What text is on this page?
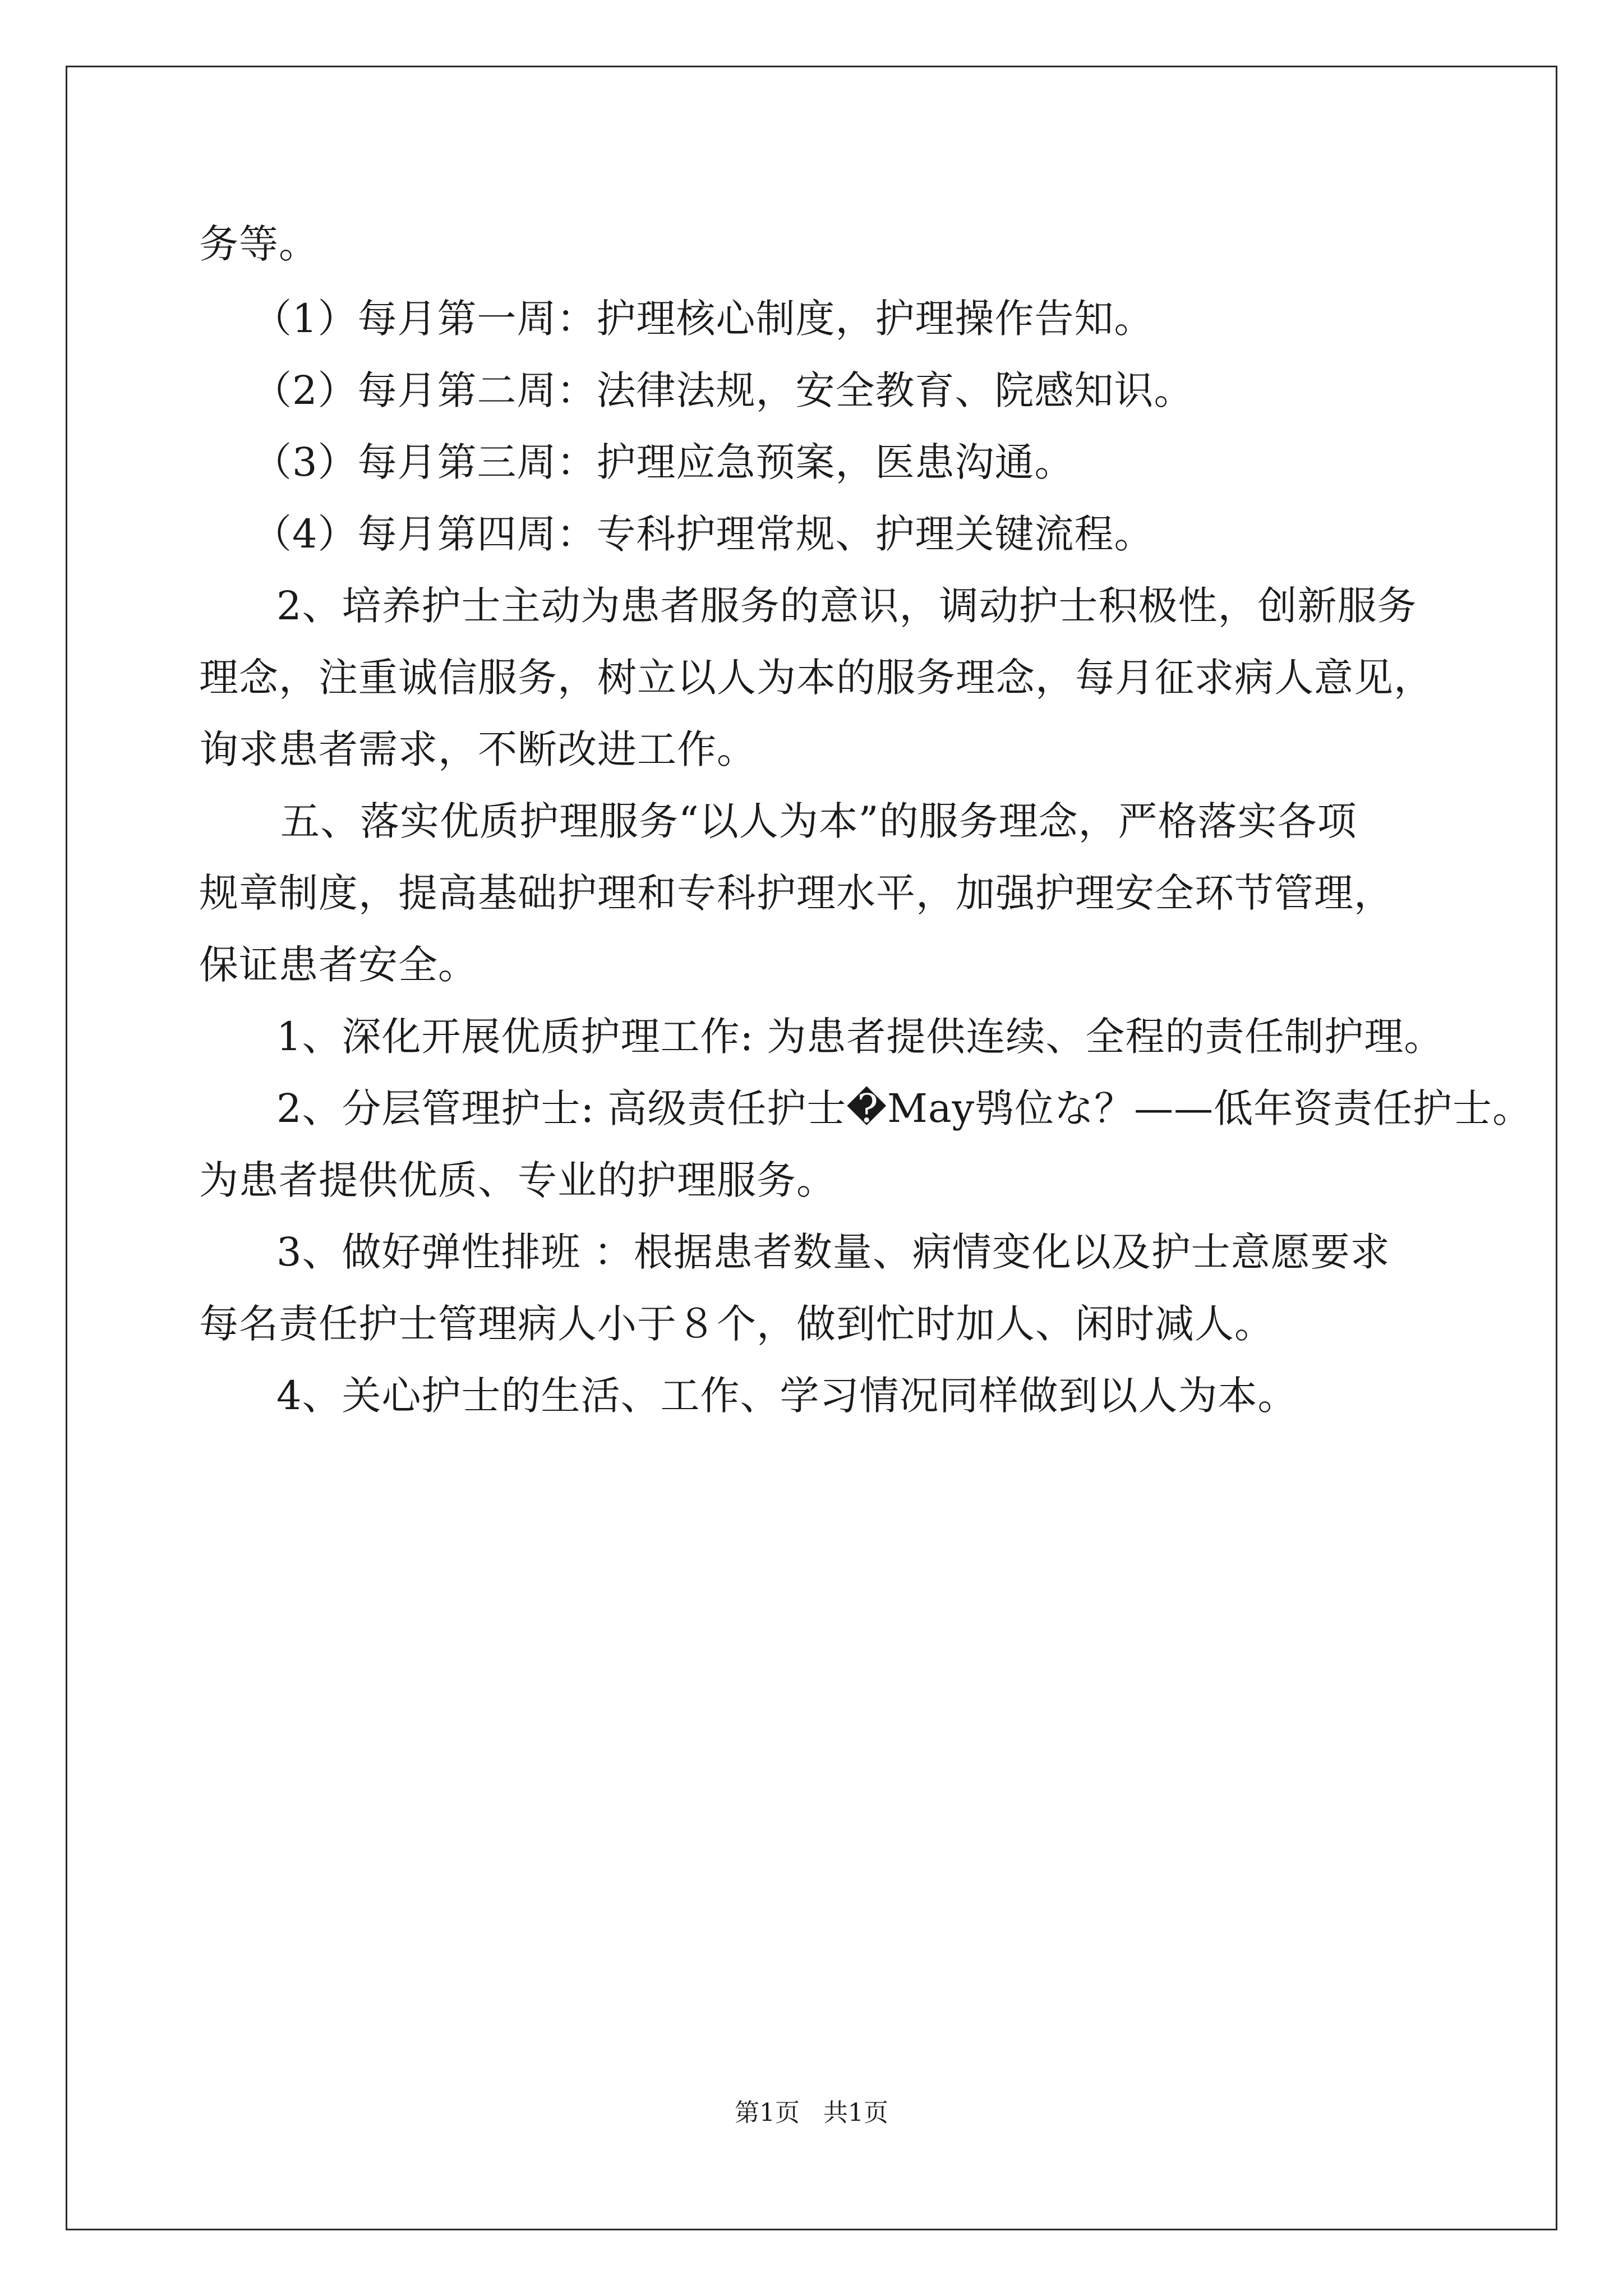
务等。
（1）每月第一周：护理核心制度，护理操作告知。
（2）每月第二周：法律法规，安全教育、院感知识。
（3）每月第三周：护理应急预案，医患沟通。
（4）每月第四周：专科护理常规、护理关键流程。
2、培养护士主动为患者服务的意识，调动护士积极性，创新服务
理念，注重诚信服务，树立以人为本的服务理念，每月征求病人意见，
询求患者需求，不断改进工作。
五、落实优质护理服务“以人为本”的服务理念，严格落实各项
规章制度，提高基础护理和专科护理水平，加强护理安全环节管理，
保证患者安全。
1、深化开展优质护理工作: 为患者提供连续、全程的责任制护理。
2、分层管理护士: 高级责任护士�May鸮位な？——低年资责任护士。
为患者提供优质、专业的护理服务。
3、做好弹性排班 ：根据患者数量、病情变化以及护士意愿要求
每名责任护士管理病人小于８个，做到忙时加人、闲时减人。
4、关心护士的生活、工作、学习情况同样做到以人为本。
第1页   共1页
